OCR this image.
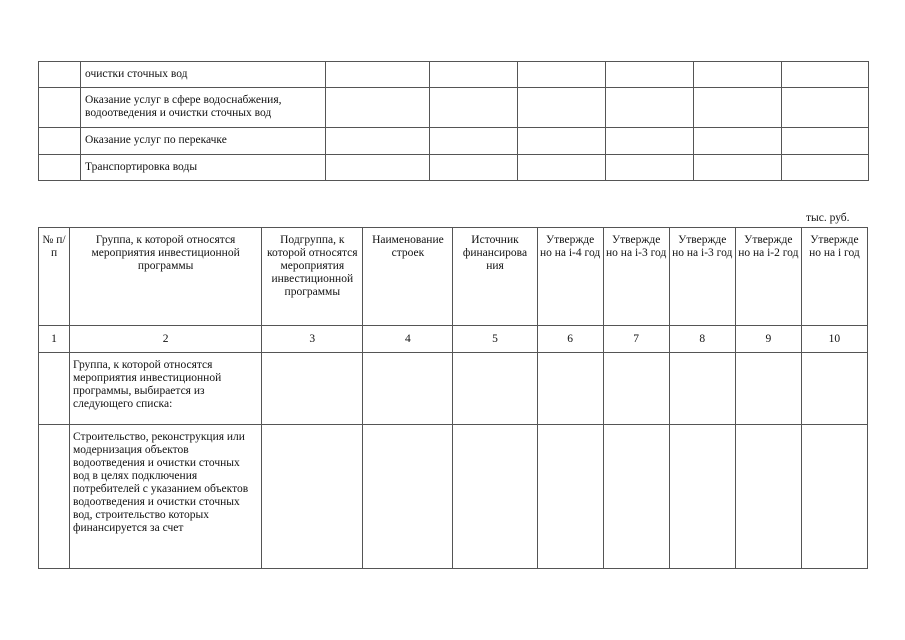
	очистки сточных вод						
	Оказание услуг в сфере водоснабжения, водоотведения и очистки сточных вод						
	Оказание услуг по перекачке						
	Транспортировка воды						
тыс. руб.
№ п/п	Группа, к которой относятся мероприятия инвестиционной программы	Подгруппа, к которой относятся мероприятия инвестиционной программы	Наименование строек	Источник финансирова ния	Утвержде но на i-4 год	Утвержде но на i-3 год	Утвержде но на i-3 год	Утвержде но на i-2 год	Утвержде но на i год
1	2	3	4	5	6	7	8	9	10
	Группа, к которой относятся мероприятия инвестиционной программы, выбирается из следующего списка:								
	Строительство, реконструкция или модернизация объектов водоотведения и очистки сточных вод в целях подключения потребителей с указанием объектов водоотведения и очистки сточных вод, строительство которых финансируется за счет								
